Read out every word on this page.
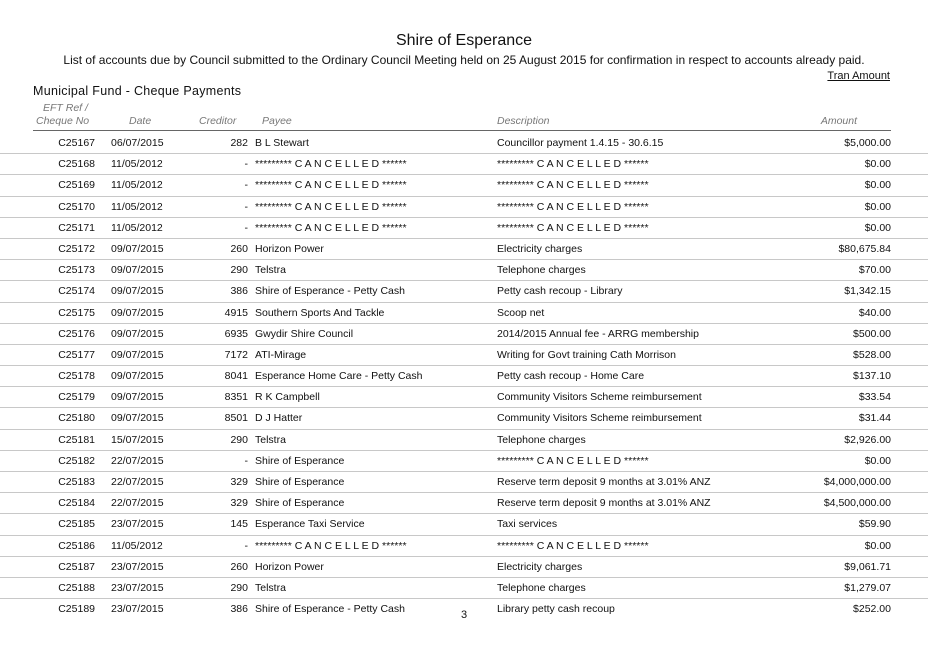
Shire of Esperance
List of accounts due by Council submitted to the Ordinary Council Meeting held on 25 August 2015 for confirmation in respect to accounts already paid.
Tran Amount
Municipal Fund - Cheque Payments
EFT Ref /
Cheque No	Date	Creditor Payee	Description	Amount
C25167 06/07/2015	282 B L Stewart	Councillor payment 1.4.15 - 30.6.15	$5,000.00
C25168 11/05/2012	- ********* C A N C E L L E D ******	********* C A N C E L L E D ******	$0.00
C25169 11/05/2012	- ********* C A N C E L L E D ******	********* C A N C E L L E D ******	$0.00
C25170 11/05/2012	- ********* C A N C E L L E D ******	********* C A N C E L L E D ******	$0.00
C25171 11/05/2012	- ********* C A N C E L L E D ******	********* C A N C E L L E D ******	$0.00
C25172 09/07/2015	260 Horizon Power	Electricity charges	$80,675.84
C25173 09/07/2015	290 Telstra	Telephone charges	$70.00
C25174 09/07/2015	386 Shire of Esperance - Petty Cash	Petty cash recoup - Library	$1,342.15
C25175 09/07/2015	4915 Southern Sports And Tackle	Scoop net	$40.00
C25176 09/07/2015	6935 Gwydir Shire Council	2014/2015 Annual fee - ARRG membership	$500.00
C25177 09/07/2015	7172 ATI-Mirage	Writing for Govt training Cath Morrison	$528.00
C25178 09/07/2015	8041 Esperance Home Care - Petty Cash	Petty cash recoup - Home Care	$137.10
C25179 09/07/2015	8351 R K Campbell	Community Visitors Scheme reimbursement	$33.54
C25180 09/07/2015	8501 D J Hatter	Community Visitors Scheme reimbursement	$31.44
C25181 15/07/2015	290 Telstra	Telephone charges	$2,926.00
C25182 22/07/2015	- Shire of Esperance	********* C A N C E L L E D ******	$0.00
C25183 22/07/2015	329 Shire of Esperance	Reserve term deposit 9 months at 3.01% ANZ	$4,000,000.00
C25184 22/07/2015	329 Shire of Esperance	Reserve term deposit 9 months at 3.01% ANZ	$4,500,000.00
C25185 23/07/2015	145 Esperance Taxi Service	Taxi services	$59.90
C25186 11/05/2012	- ********* C A N C E L L E D ******	********* C A N C E L L E D ******	$0.00
C25187 23/07/2015	260 Horizon Power	Electricity charges	$9,061.71
C25188 23/07/2015	290 Telstra	Telephone charges	$1,279.07
C25189 23/07/2015	386 Shire of Esperance - Petty Cash	Library petty cash recoup	$252.00
3
